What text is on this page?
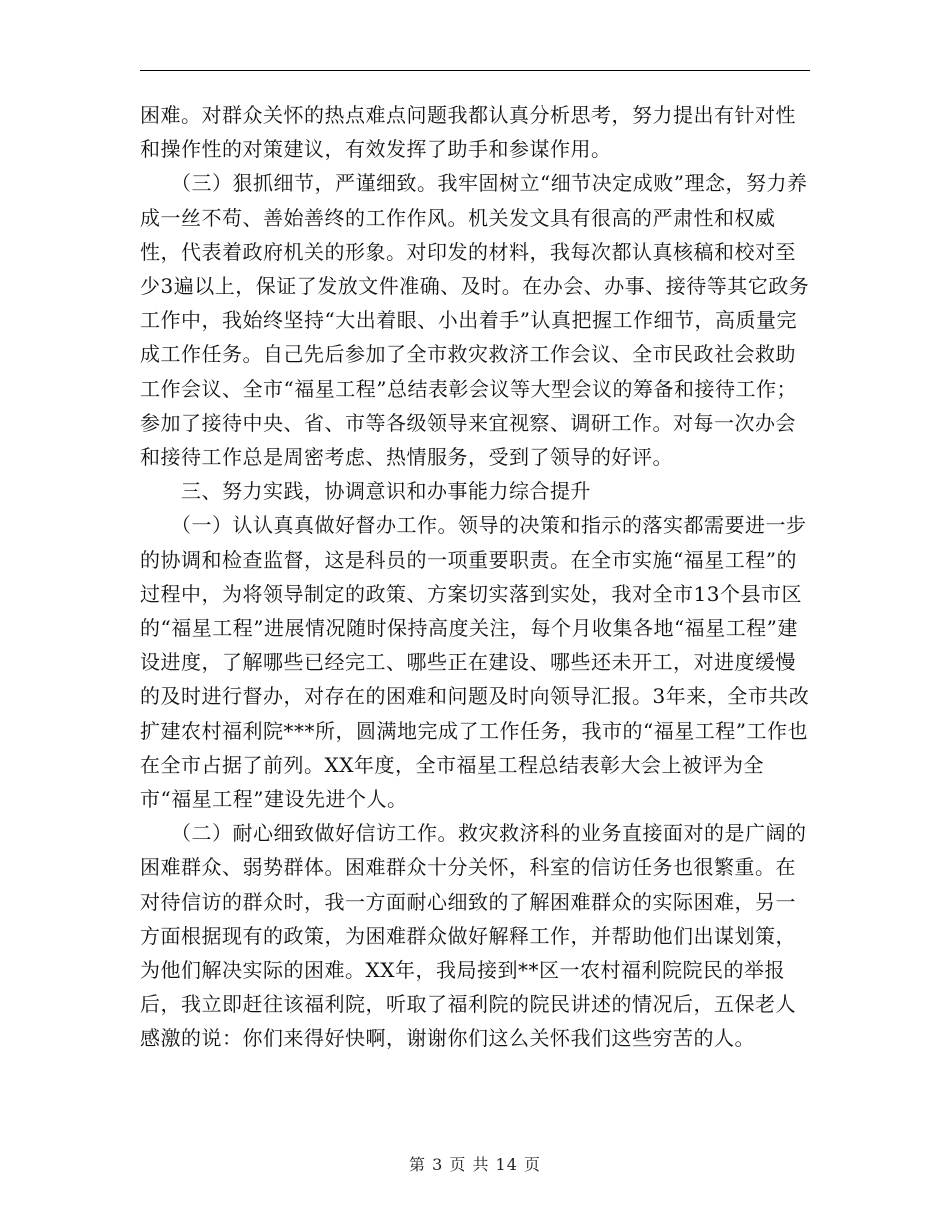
困难。对群众关怀的热点难点问题我都认真分析思考，努力提出有针对性和操作性的对策建议，有效发挥了助手和参谋作用。

　　（三）狠抓细节，严谨细致。我牢固树立“细节决定成败”理念，努力养成一丝不苟、善始善终的工作作风。机关发文具有很高的严肃性和权威性，代表着政府机关的形象。对印发的材料，我每次都认真核稿和校对至少3遍以上，保证了发放文件准确、及时。在办会、办事、接待等其它政务工作中，我始终坚持“大出着眼、小出着手”认真把握工作细节，高质量完成工作任务。自己先后参加了全市救灾救济工作会议、全市民政社会救助工作会议、全市“福星工程”总结表彰会议等大型会议的筹备和接待工作；参加了接待中央、省、市等各级领导来宜视察、调研工作。对每一次办会和接待工作总是周密考虑、热情服务，受到了领导的好评。

　　三、努力实践，协调意识和办事能力综合提升

　　（一）认认真真做好督办工作。领导的决策和指示的落实都需要进一步的协调和检查监督，这是科员的一项重要职责。在全市实施“福星工程”的过程中，为将领导制定的政策、方案切实落到实处，我对全市13个县市区的“福星工程”进展情况随时保持高度关注，每个月收集各地“福星工程”建设进度，了解哪些已经完工、哪些正在建设、哪些还未开工，对进度缓慢的及时进行督办，对存在的困难和问题及时向领导汇报。3年来，全市共改扩建农村福利院***所，圆满地完成了工作任务，我市的“福星工程”工作也在全市占据了前列。XX年度，全市福星工程总结表彰大会上被评为全市“福星工程”建设先进个人。

　　（二）耐心细致做好信访工作。救灾救济科的业务直接面对的是广阔的困难群众、弱势群体。困难群众十分关怀，科室的信访任务也很繁重。在对待信访的群众时，我一方面耐心细致的了解困难群众的实际困难，另一方面根据现有的政策，为困难群众做好解释工作，并帮助他们出谋划策，为他们解决实际的困难。XX年，我局接到**区一农村福利院院民的举报后，我立即赶往该福利院，听取了福利院的院民讲述的情况后，五保老人感激的说：你们来得好快啊，谢谢你们这么关怀我们这些穷苦的人。

第 3 页 共 14 页
